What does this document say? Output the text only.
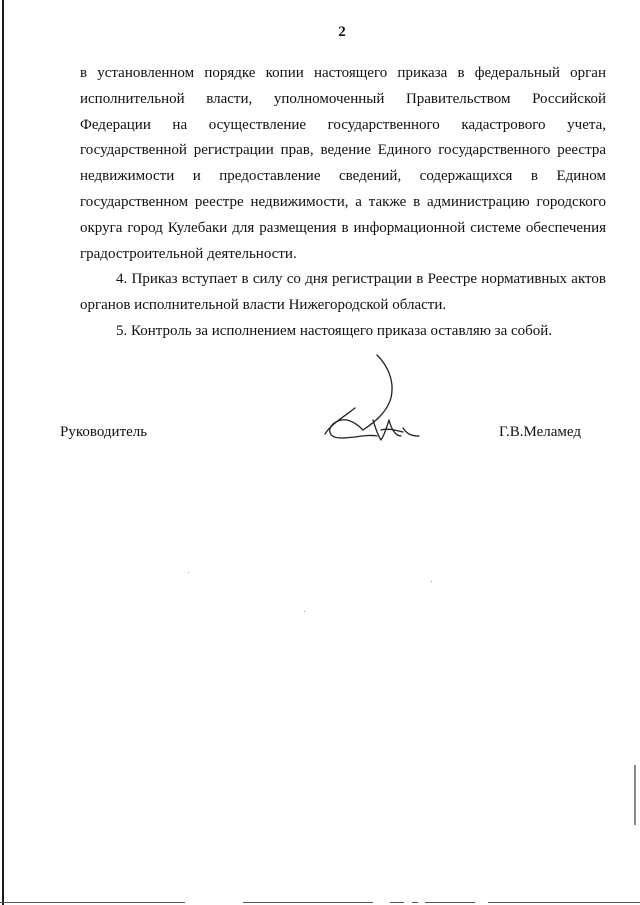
2
в установленном порядке копии настоящего приказа в федеральный орган
исполнительной власти, уполномоченный Правительством Российской
Федерации на осуществление государственного кадастрового учета,
государственной регистрации прав, ведение Единого государственного реестра
недвижимости и предоставление сведений, содержащихся в Едином
государственном реестре недвижимости, а также в администрацию городского
округа город Кулебаки для размещения в информационной системе обеспечения
градостроительной деятельности.
4. Приказ вступает в силу со дня регистрации в Реестре нормативных актов
органов исполнительной власти Нижегородской области.
5. Контроль за исполнением настоящего приказа оставляю за собой.
Руководитель	Г.В.Меламед
